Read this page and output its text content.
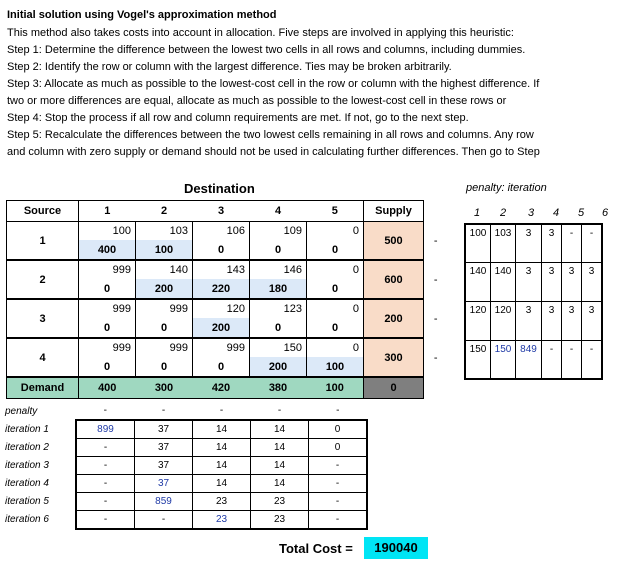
Initial solution using Vogel's approximation method
This method also takes costs into account in allocation. Five steps are involved in applying this heuristic:
Step 1: Determine the difference between the lowest two cells in all rows and columns, including dummies.
Step 2: Identify the row or column with the largest difference. Ties may be broken arbitrarily.
Step 3: Allocate as much as possible to the lowest-cost cell in the row or column with the highest difference. If
two or more differences are equal, allocate as much as possible to the lowest-cost cell in these rows or
Step 4: Stop the process if all row and column requirements are met. If not, go to the next step.
Step 5: Recalculate the differences between the two lowest cells remaining in all rows and columns. Any row
and column with zero supply or demand should not be used in calculating further differences. Then go to Step
Destination
Source	1	2	3	4	5	Supply	
1	100	103	106	109	0	500	-
	400	100	0	0	0		
2	999	140	143	146	0	600	-
	0	200	220	180	0		
3	999	999	120	123	0	200	-
	0	0	200	0	0		
4	999	999	999	150	0	300	-
	0	0	0	200	100		
Demand	400	300	420	380	100	0	
penalty: iteration
1 2 3 4 5 6
100	103	3	3	-	-
140	140	3	3	3	3
120	120	3	3	3	3
150	150	849	-	-	-
penalty	-	-	-	-	-
iteration 1	899	37	14	14	0
iteration 2	-	37	14	14	0
iteration 3	-	37	14	14	-
iteration 4	-	37	14	14	-
iteration 5	-	859	23	23	-
iteration 6	-	-	23	23	-
Total Cost =	190040
